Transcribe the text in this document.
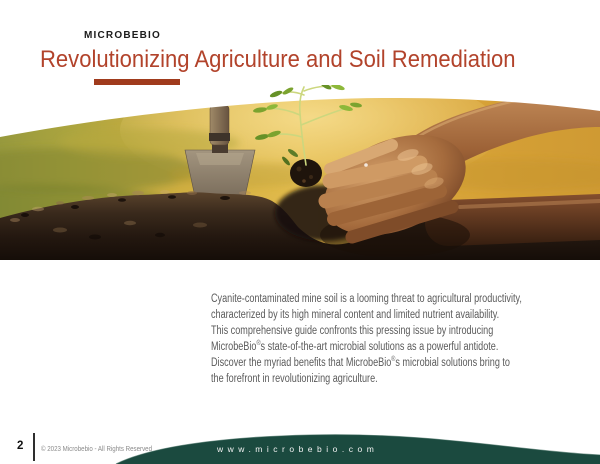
MICROBEBIO
Revolutionizing Agriculture and Soil Remediation
Cyanite-contaminated mine soil is a looming threat to agricultural productivity,
characterized by its high mineral content and limited nutrient availability.
This comprehensive guide confronts this pressing issue by introducing
MicrobeBio®s state-of-the-art microbial solutions as a powerful antidote.
Discover the myriad benefits that MicrobeBio®s microbial solutions bring to
the forefront in revolutionizing agriculture.
2	© 2023 Microbebio - All Rights Reserved	www.microbebio.com
